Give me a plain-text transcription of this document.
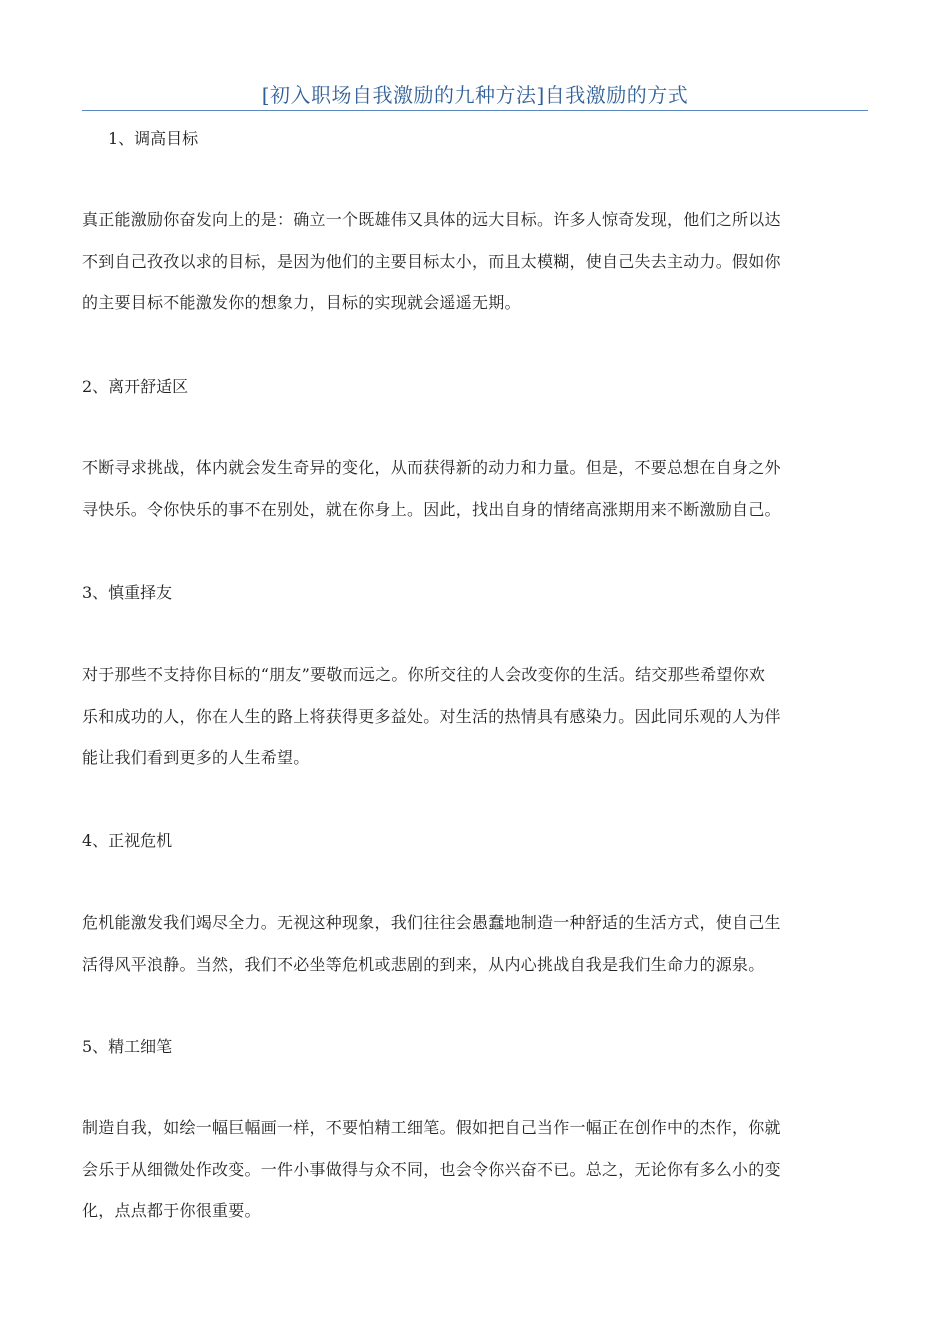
[初入职场自我激励的九种方法]自我激励的方式
1、调高目标
真正能激励你奋发向上的是：确立一个既雄伟又具体的远大目标。许多人惊奇发现，他们之所以达
不到自己孜孜以求的目标，是因为他们的主要目标太小，而且太模糊，使自己失去主动力。假如你
的主要目标不能激发你的想象力，目标的实现就会遥遥无期。
2、离开舒适区
不断寻求挑战，体内就会发生奇异的变化，从而获得新的动力和力量。但是，不要总想在自身之外
寻快乐。令你快乐的事不在别处，就在你身上。因此，找出自身的情绪高涨期用来不断激励自己。
3、慎重择友
对于那些不支持你目标的“朋友”要敬而远之。你所交往的人会改变你的生活。结交那些希望你欢
乐和成功的人，你在人生的路上将获得更多益处。对生活的热情具有感染力。因此同乐观的人为伴
能让我们看到更多的人生希望。
4、正视危机
危机能激发我们竭尽全力。无视这种现象，我们往往会愚蠢地制造一种舒适的生活方式，使自己生
活得风平浪静。当然，我们不必坐等危机或悲剧的到来，从内心挑战自我是我们生命力的源泉。
5、精工细笔
制造自我，如绘一幅巨幅画一样，不要怕精工细笔。假如把自己当作一幅正在创作中的杰作，你就
会乐于从细微处作改变。一件小事做得与众不同，也会令你兴奋不已。总之，无论你有多么小的变
化，点点都于你很重要。
